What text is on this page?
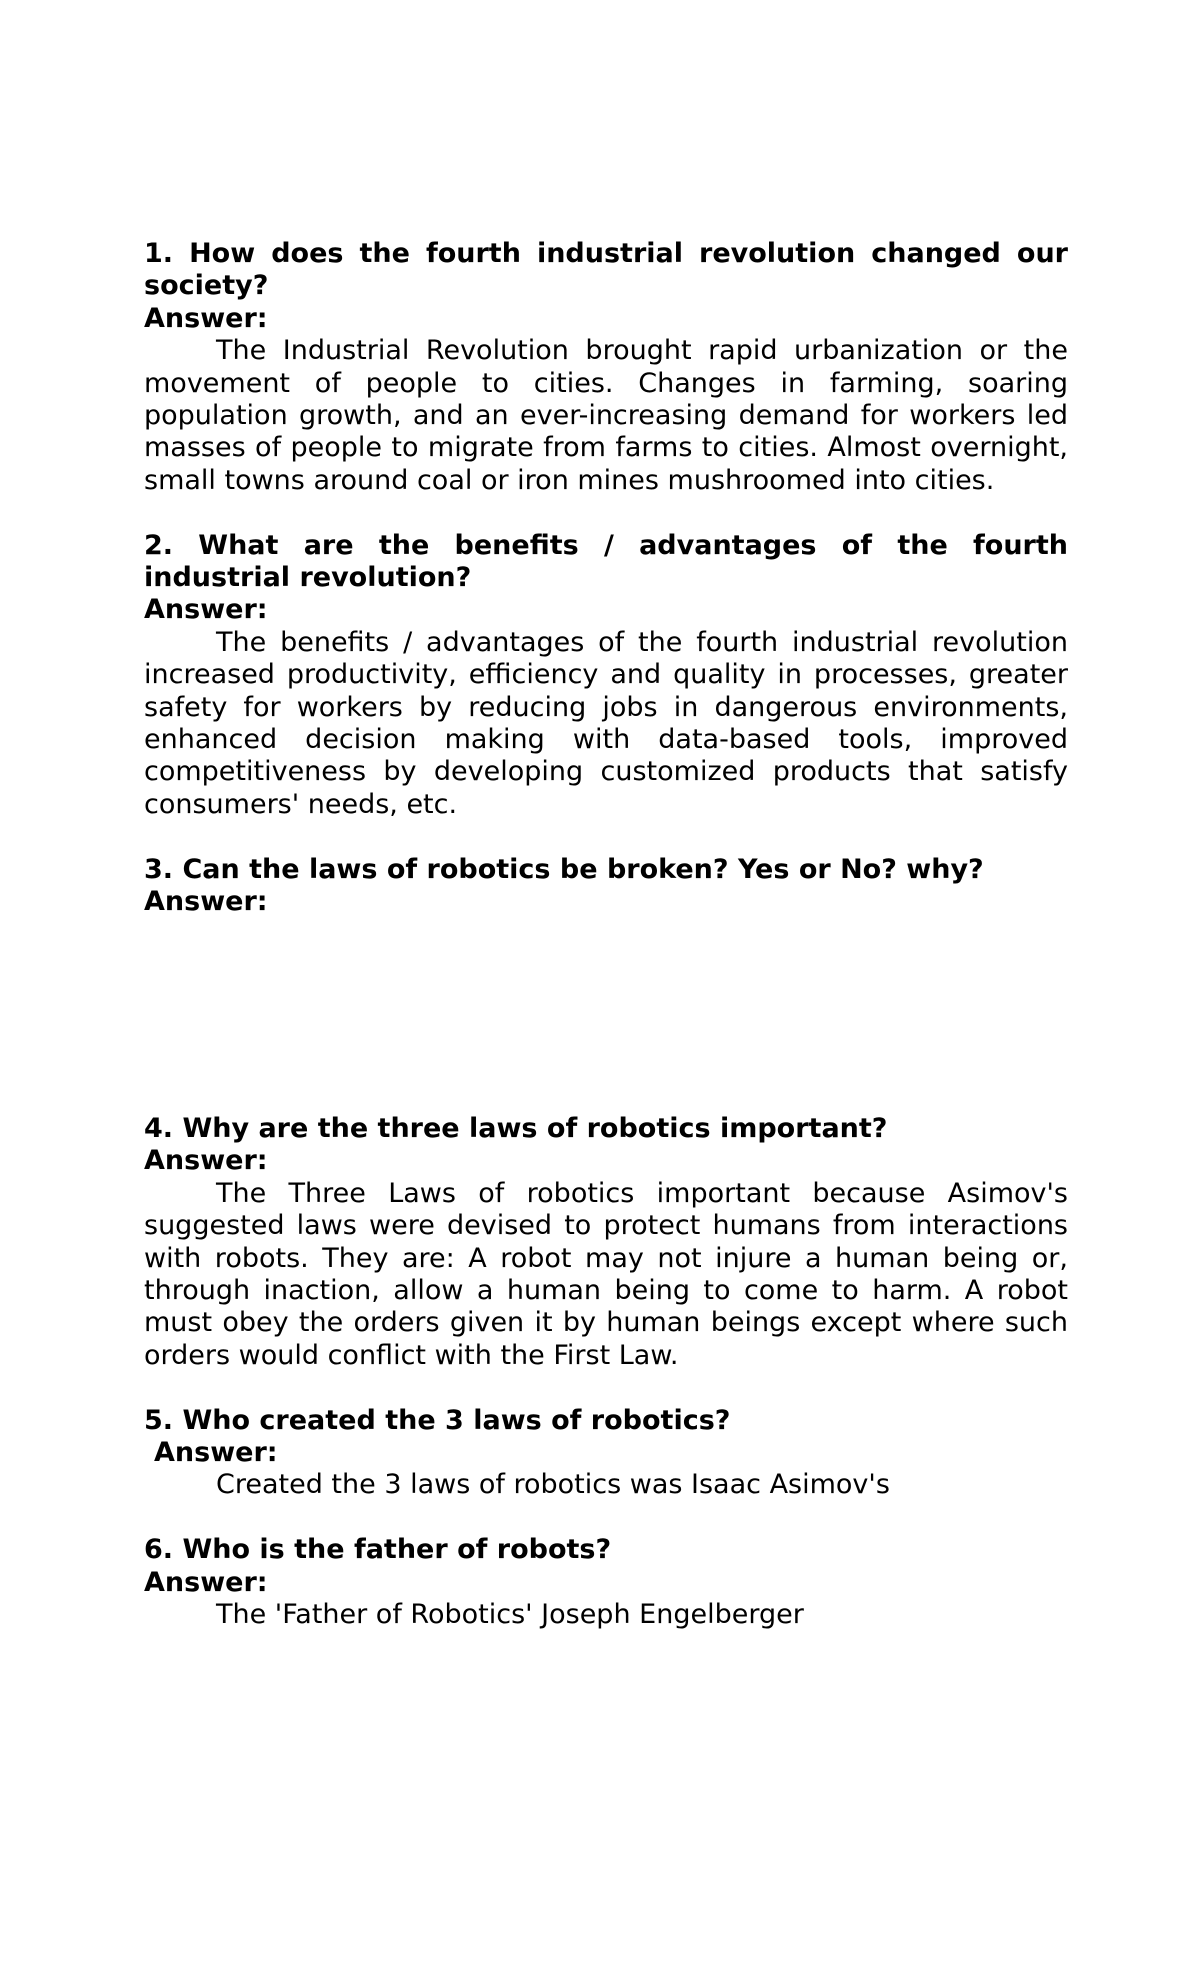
1. How does the fourth industrial revolution changed our society?

Answer:

The Industrial Revolution brought rapid urbanization or the movement of people to cities. Changes in farming, soaring population growth, and an ever-increasing demand for workers led masses of people to migrate from farms to cities. Almost overnight, small towns around coal or iron mines mushroomed into cities.

2. What are the benefits / advantages of the fourth industrial revolution?

Answer:

The benefits / advantages of the fourth industrial revolution increased productivity, efficiency and quality in processes, greater safety for workers by reducing jobs in dangerous environments, enhanced decision making with data-based tools, improved competitiveness by developing customized products that satisfy consumers' needs, etc.

3. Can the laws of robotics be broken? Yes or No? why?

Answer:

4. Why are the three laws of robotics important?

Answer:

The Three Laws of robotics important because Asimov's suggested laws were devised to protect humans from interactions with robots. They are: A robot may not injure a human being or, through inaction, allow a human being to come to harm. A robot must obey the orders given it by human beings except where such orders would conflict with the First Law.

5. Who created the 3 laws of robotics?

Answer:

Created the 3 laws of robotics was Isaac Asimov's

6. Who is the father of robots?

Answer:

The 'Father of Robotics' Joseph Engelberger
